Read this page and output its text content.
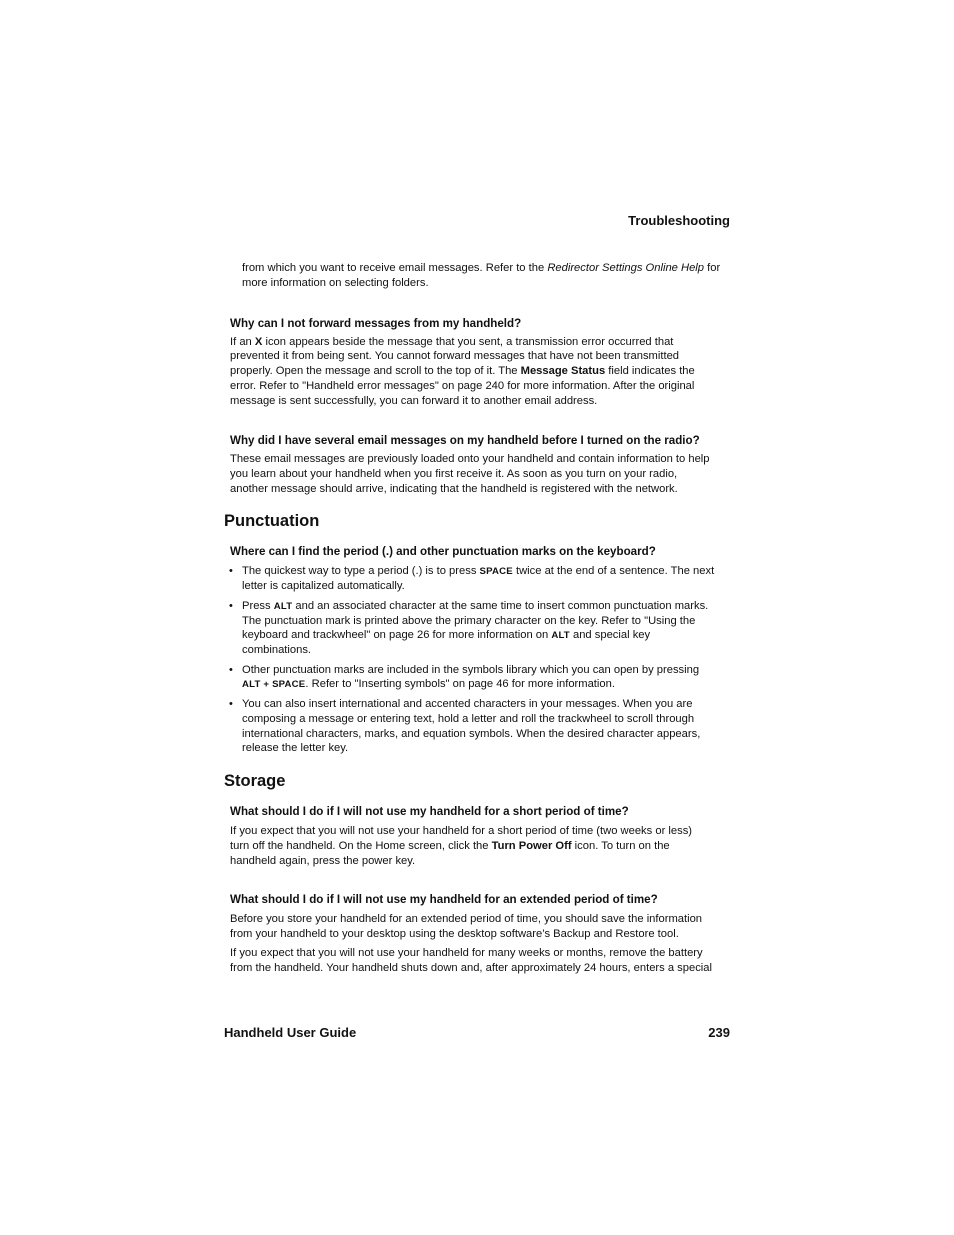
Troubleshooting
from which you want to receive email messages. Refer to the Redirector Settings Online Help for
more information on selecting folders.
Why can I not forward messages from my handheld?
If an X icon appears beside the message that you sent, a transmission error occurred that
prevented it from being sent. You cannot forward messages that have not been transmitted
properly. Open the message and scroll to the top of it. The Message Status field indicates the
error. Refer to "Handheld error messages" on page 240 for more information. After the original
message is sent successfully, you can forward it to another email address.
Why did I have several email messages on my handheld before I turned on the radio?
These email messages are previously loaded onto your handheld and contain information to help
you learn about your handheld when you first receive it. As soon as you turn on your radio,
another message should arrive, indicating that the handheld is registered with the network.
Punctuation
Where can I find the period (.) and other punctuation marks on the keyboard?
• The quickest way to type a period (.) is to press SPACE twice at the end of a sentence. The next
letter is capitalized automatically.
• Press ALT and an associated character at the same time to insert common punctuation marks.
The punctuation mark is printed above the primary character on the key. Refer to "Using the
keyboard and trackwheel" on page 26 for more information on ALT and special key
combinations.
• Other punctuation marks are included in the symbols library which you can open by pressing
ALT + SPACE. Refer to "Inserting symbols" on page 46 for more information.
• You can also insert international and accented characters in your messages. When you are
composing a message or entering text, hold a letter and roll the trackwheel to scroll through
international characters, marks, and equation symbols. When the desired character appears,
release the letter key.
Storage
What should I do if I will not use my handheld for a short period of time?
If you expect that you will not use your handheld for a short period of time (two weeks or less)
turn off the handheld. On the Home screen, click the Turn Power Off icon. To turn on the
handheld again, press the power key.
What should I do if I will not use my handheld for an extended period of time?
Before you store your handheld for an extended period of time, you should save the information
from your handheld to your desktop using the desktop software’s Backup and Restore tool.
If you expect that you will not use your handheld for many weeks or months, remove the battery
from the handheld. Your handheld shuts down and, after approximately 24 hours, enters a special
Handheld User Guide	239
